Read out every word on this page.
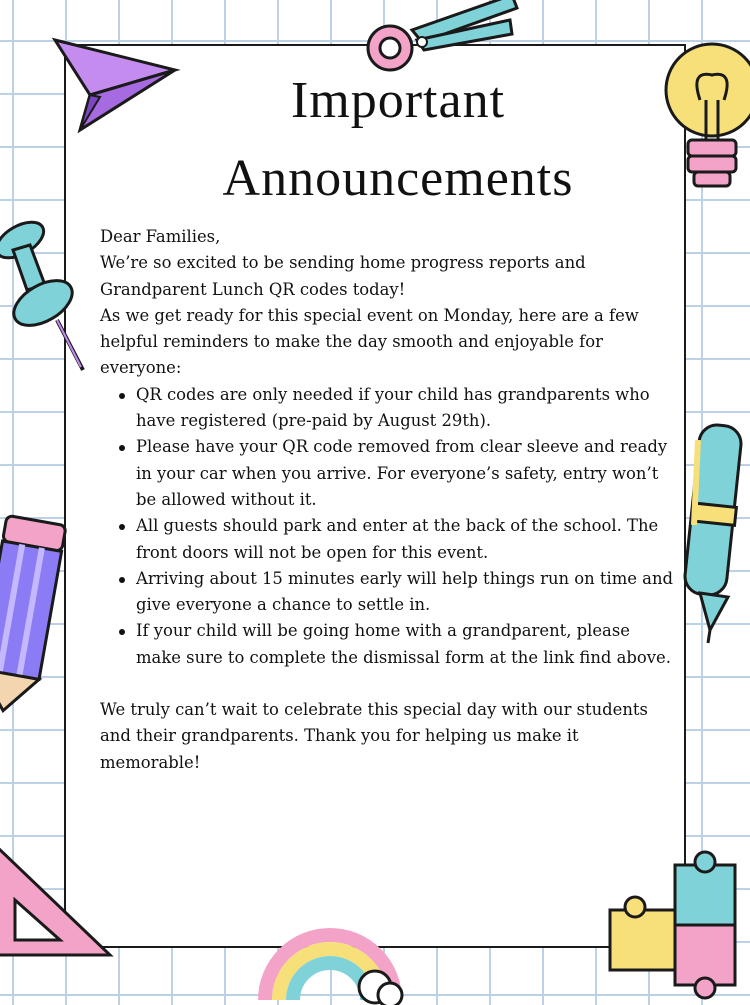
Important
Announcements

Dear Families,

We’re so excited to be sending home progress reports and Grandparent Lunch QR codes today!

As we get ready for this special event on Monday, here are a few helpful reminders to make the day smooth and enjoyable for everyone:

QR codes are only needed if your child has grandparents who have registered (pre-paid by August 29th).
Please have your QR code removed from clear sleeve and ready in your car when you arrive. For everyone’s safety, entry won’t be allowed without it.
All guests should park and enter at the back of the school. The front doors will not be open for this event.
Arriving about 15 minutes early will help things run on time and give everyone a chance to settle in.
If your child will be going home with a grandparent, please make sure to complete the dismissal form at the link find above.

We truly can’t wait to celebrate this special day with our students and their grandparents. Thank you for helping us make it memorable!
